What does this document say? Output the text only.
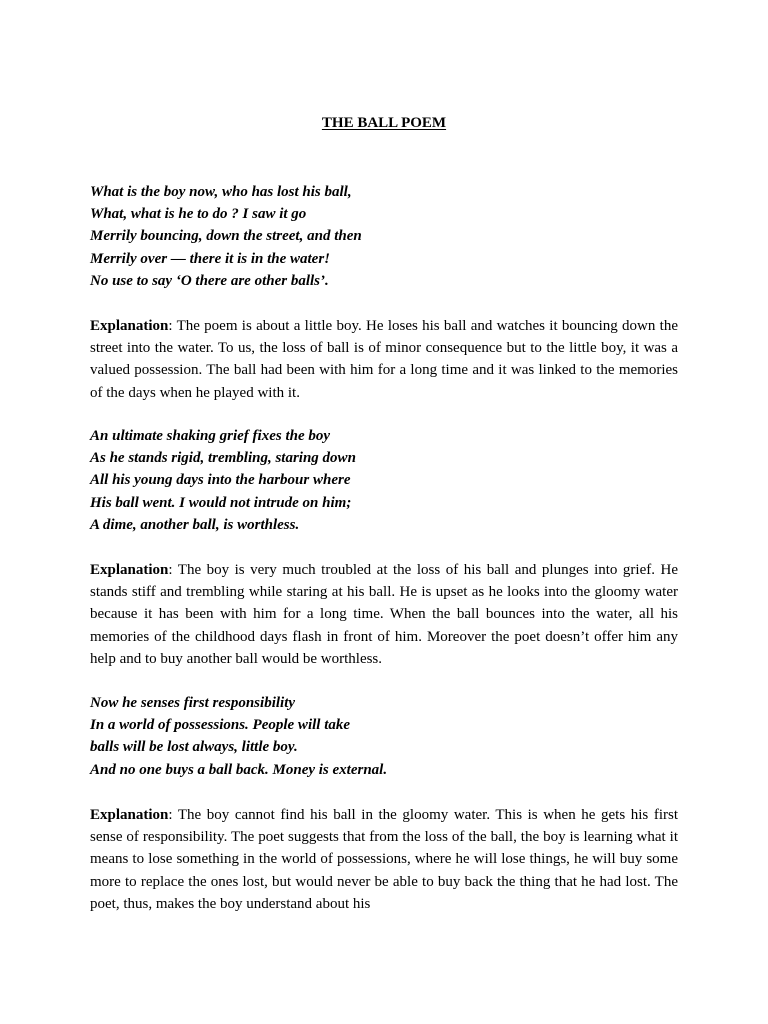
THE BALL POEM

What is the boy now, who has lost his ball,
What, what is he to do ? I saw it go
Merrily bouncing, down the street, and then
Merrily over — there it is in the water!
No use to say ‘O there are other balls’.

Explanation: The poem is about a little boy. He loses his ball and watches it bouncing down the street into the water. To us, the loss of ball is of minor consequence but to the little boy, it was a valued possession. The ball had been with him for a long time and it was linked to the memories of the days when he played with it.

An ultimate shaking grief fixes the boy
As he stands rigid, trembling, staring down
All his young days into the harbour where
His ball went. I would not intrude on him;
A dime, another ball, is worthless.

Explanation: The boy is very much troubled at the loss of his ball and plunges into grief. He stands stiff and trembling while staring at his ball. He is upset as he looks into the gloomy water because it has been with him for a long time. When the ball bounces into the water, all his memories of the childhood days flash in front of him. Moreover the poet doesn’t offer him any help and to buy another ball would be worthless.

Now he senses first responsibility
In a world of possessions. People will take
balls will be lost always, little boy.
And no one buys a ball back. Money is external.

Explanation: The boy cannot find his ball in the gloomy water. This is when he gets his first sense of responsibility. The poet suggests that from the loss of the ball, the boy is learning what it means to lose something in the world of possessions, where he will lose things, he will buy some more to replace the ones lost, but would never be able to buy back the thing that he had lost. The poet, thus, makes the boy understand about his
